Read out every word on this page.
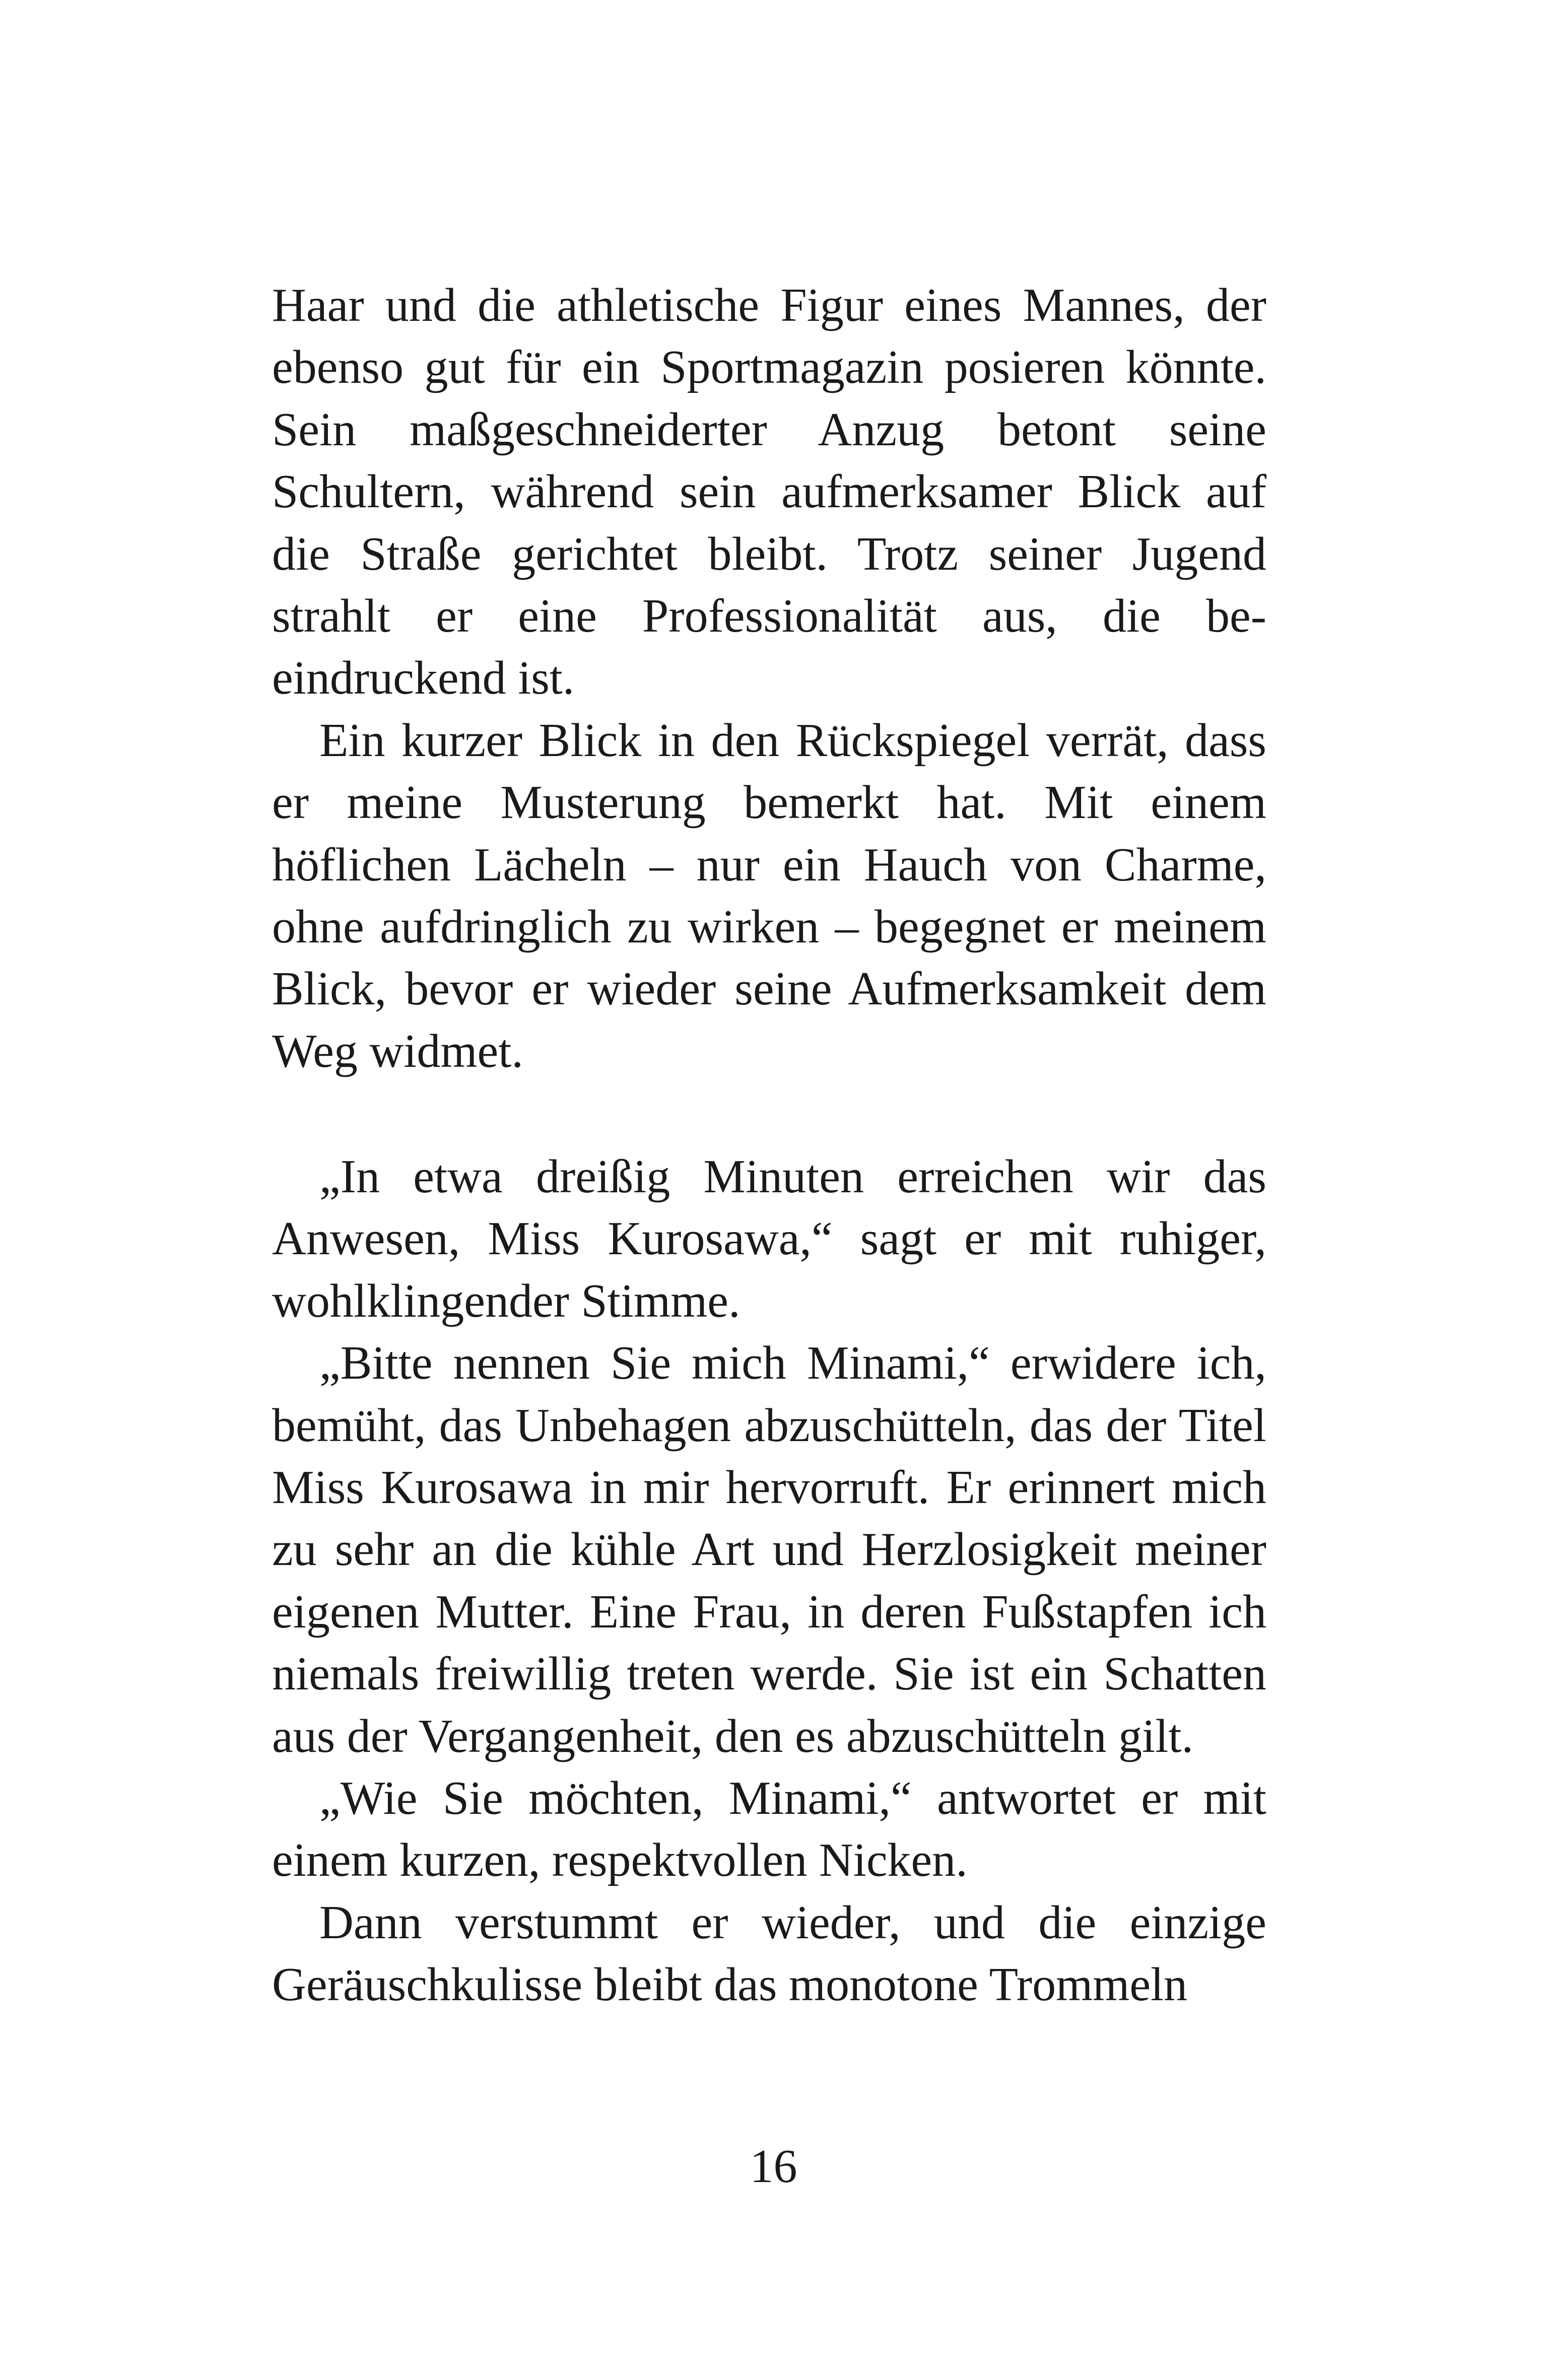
Haar und die athletische Figur eines Mannes, der ebenso gut für ein Sportmagazin posieren könnte. Sein maßgeschneiderter Anzug betont seine Schultern, während sein aufmerksamer Blick auf die Straße gerichtet bleibt. Trotz seiner Jugend strahlt er eine Professionalität aus, die beeindruckend ist.

Ein kurzer Blick in den Rückspiegel verrät, dass er meine Musterung bemerkt hat. Mit einem höflichen Lächeln – nur ein Hauch von Charme, ohne aufdringlich zu wirken – begegnet er meinem Blick, bevor er wieder seine Aufmerksamkeit dem Weg widmet.

„In etwa dreißig Minuten erreichen wir das Anwesen, Miss Kurosawa,“ sagt er mit ruhiger, wohlklingender Stimme.

„Bitte nennen Sie mich Minami,“ erwidere ich, bemüht, das Unbehagen abzuschütteln, das der Titel Miss Kurosawa in mir hervorruft. Er erinnert mich zu sehr an die kühle Art und Herzlosigkeit meiner eigenen Mutter. Eine Frau, in deren Fußstapfen ich niemals freiwillig treten werde. Sie ist ein Schatten aus der Vergangenheit, den es abzuschütteln gilt.

„Wie Sie möchten, Minami,“ antwortet er mit einem kurzen, respektvollen Nicken.

Dann verstummt er wieder, und die einzige Geräuschkulisse bleibt das monotone Trommeln

16
